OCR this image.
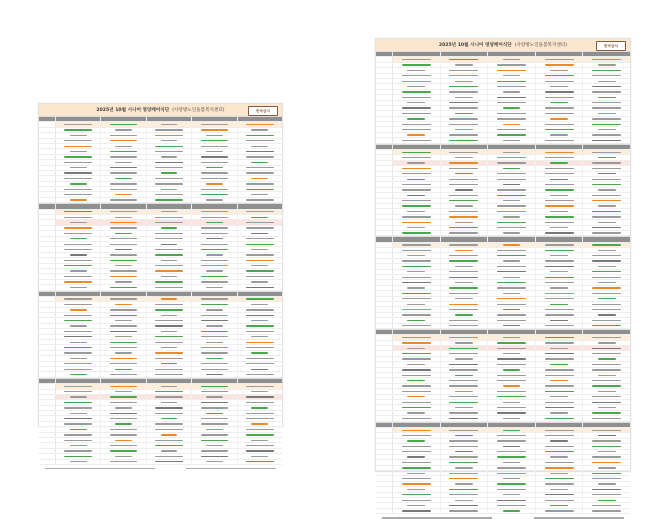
2025년 10월 시니어 영양케어식단 (사랑방노인돌봄복지센터)	한국급식
2025년 10월 시니어 영양케어식단 (사랑방노인돌봄복지센터)	한국급식
